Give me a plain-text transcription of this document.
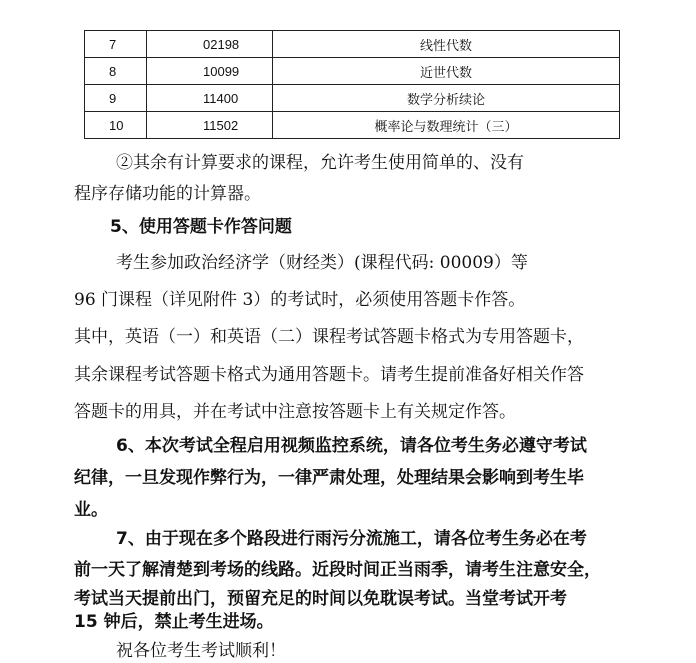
7	02198	线性代数
8	10099	近世代数
9	11400	数学分析续论
10	11502	概率论与数理统计（三）

②其余有计算要求的课程，允许考生使用简单的、没有

程序存储功能的计算器。

5、使用答题卡作答问题

考生参加政治经济学（财经类）(课程代码: 00009）等

96 门课程（详见附件 3）的考试时，必须使用答题卡作答。

其中，英语（一）和英语（二）课程考试答题卡格式为专用答题卡，

其余课程考试答题卡格式为通用答题卡。请考生提前准备好相关作答

答题卡的用具，并在考试中注意按答题卡上有关规定作答。

6、本次考试全程启用视频监控系统，请各位考生务必遵守考试

纪律，一旦发现作弊行为，一律严肃处理，处理结果会影响到考生毕

业。

7、由于现在多个路段进行雨污分流施工，请各位考生务必在考

前一天了解清楚到考场的线路。近段时间正当雨季，请考生注意安全，

考试当天提前出门，预留充足的时间以免耽误考试。当堂考试开考

15 钟后，禁止考生进场。

祝各位考生考试顺利！
